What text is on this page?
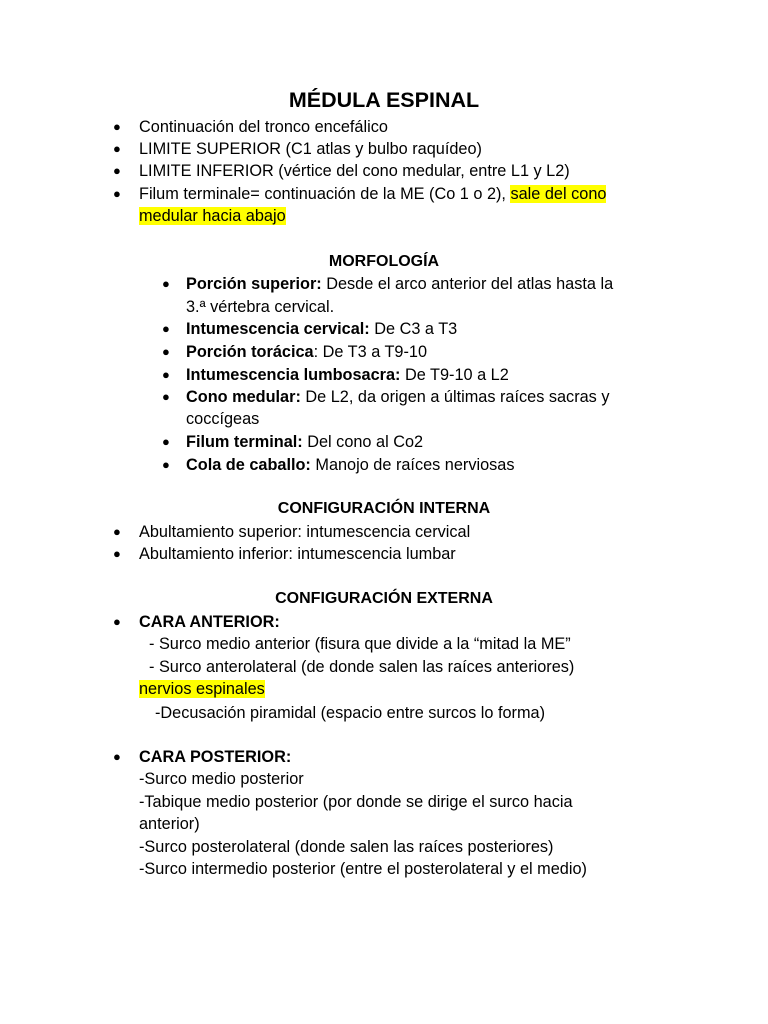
MÉDULA ESPINAL
● Continuación del tronco encefálico
● LIMITE SUPERIOR (C1 atlas y bulbo raquídeo)
● LIMITE INFERIOR (vértice del cono medular, entre L1 y L2)
● Filum terminale= continuación de la ME (Co 1 o 2), sale del cono
medular hacia abajo
MORFOLOGÍA
● Porción superior: Desde el arco anterior del atlas hasta la
3.ª vértebra cervical.
● Intumescencia cervical: De C3 a T3
● Porción torácica: De T3 a T9-10
● Intumescencia lumbosacra: De T9-10 a L2
● Cono medular: De L2, da origen a últimas raíces sacras y
coccígeas
● Filum terminal: Del cono al Co2
● Cola de caballo: Manojo de raíces nerviosas
CONFIGURACIÓN INTERNA
● Abultamiento superior: intumescencia cervical
● Abultamiento inferior: intumescencia lumbar
CONFIGURACIÓN EXTERNA
● CARA ANTERIOR:
- Surco medio anterior (fisura que divide a la “mitad la ME”
- Surco anterolateral (de donde salen las raíces anteriores)
nervios espinales
-Decusación piramidal (espacio entre surcos lo forma)
● CARA POSTERIOR:
-Surco medio posterior
-Tabique medio posterior (por donde se dirige el surco hacia
anterior)
-Surco posterolateral (donde salen las raíces posteriores)
-Surco intermedio posterior (entre el posterolateral y el medio)
